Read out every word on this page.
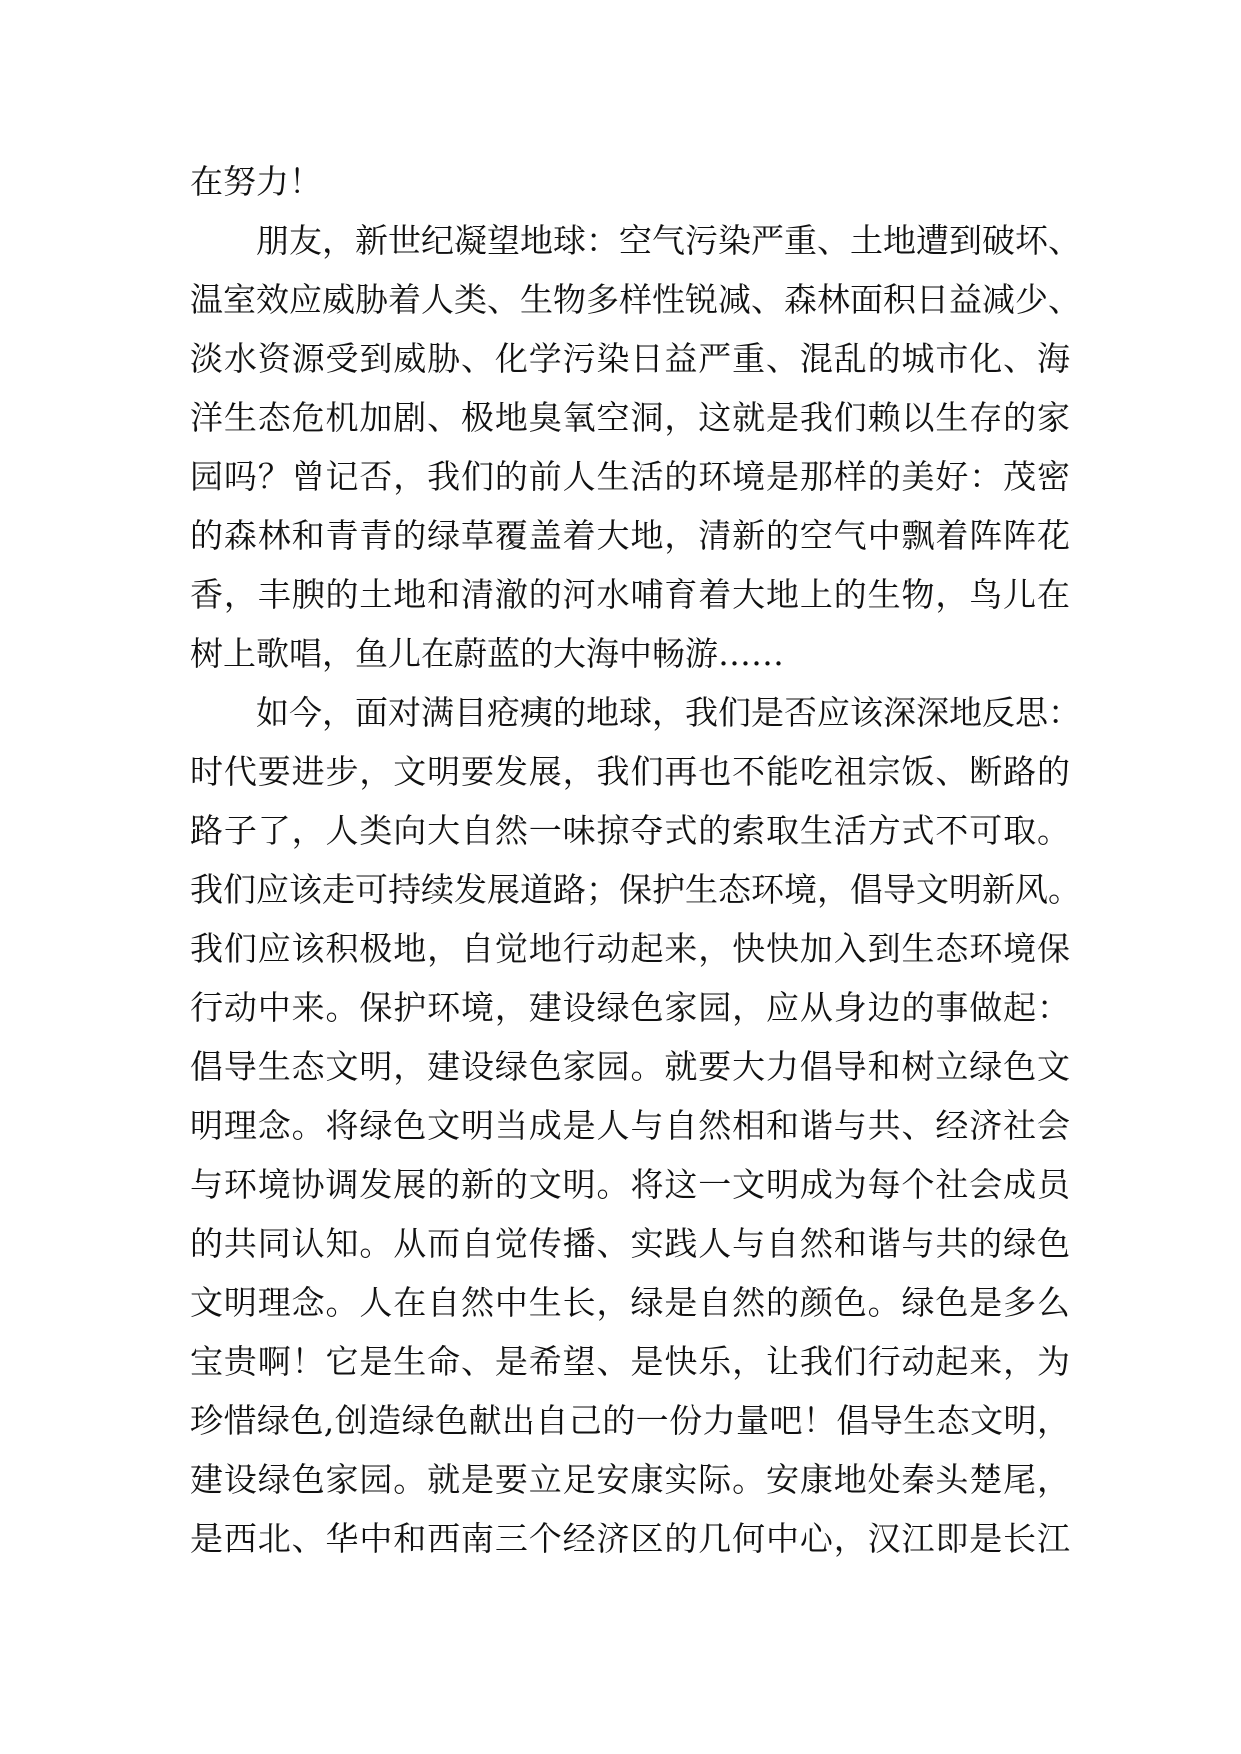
在努力！
朋友，新世纪凝望地球：空气污染严重、土地遭到破坏、
温室效应威胁着人类、生物多样性锐减、森林面积日益减少、
淡水资源受到威胁、化学污染日益严重、混乱的城市化、海
洋生态危机加剧、极地臭氧空洞，这就是我们赖以生存的家
园吗？曾记否，我们的前人生活的环境是那样的美好：茂密
的森林和青青的绿草覆盖着大地，清新的空气中飘着阵阵花
香，丰腴的土地和清澈的河水哺育着大地上的生物，鸟儿在
树上歌唱，鱼儿在蔚蓝的大海中畅游……
如今，面对满目疮痍的地球，我们是否应该深深地反思：
时代要进步，文明要发展，我们再也不能吃祖宗饭、断路的
路子了，人类向大自然一味掠夺式的索取生活方式不可取。
我们应该走可持续发展道路；保护生态环境，倡导文明新风。
我们应该积极地，自觉地行动起来，快快加入到生态环境保
行动中来。保护环境，建设绿色家园，应从身边的事做起：
倡导生态文明，建设绿色家园。就要大力倡导和树立绿色文
明理念。将绿色文明当成是人与自然相和谐与共、经济社会
与环境协调发展的新的文明。将这一文明成为每个社会成员
的共同认知。从而自觉传播、实践人与自然和谐与共的绿色
文明理念。人在自然中生长，绿是自然的颜色。绿色是多么
宝贵啊！它是生命、是希望、是快乐，让我们行动起来，为
珍惜绿色,创造绿色献出自己的一份力量吧！倡导生态文明，
建设绿色家园。就是要立足安康实际。安康地处秦头楚尾，
是西北、华中和西南三个经济区的几何中心，汉江即是长江
